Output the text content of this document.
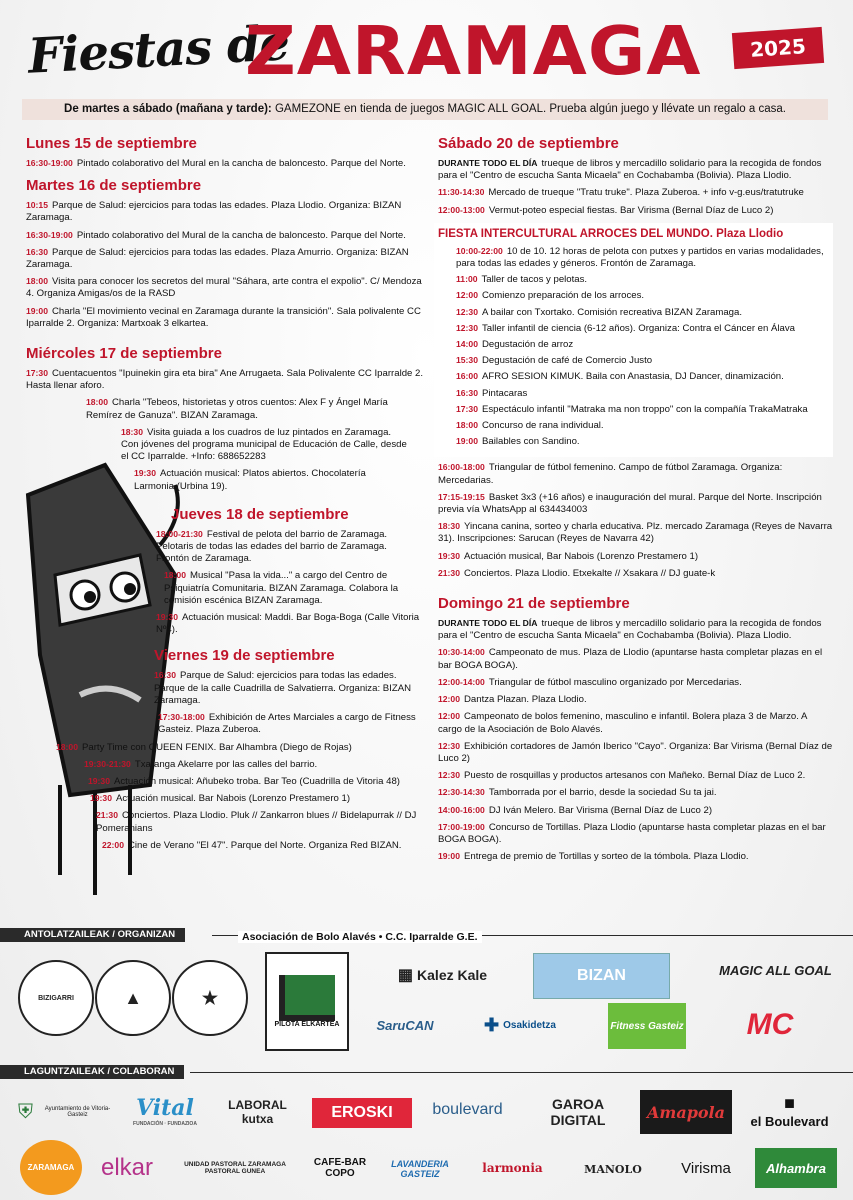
Fiestas de
ZARAMAGA	2025
De martes a sábado (mañana y tarde): GAMEZONE en tienda de juegos MAGIC ALL GOAL. Prueba algún juego y llévate un regalo a casa.
Lunes 15 de septiembre
16:30-19:00 Pintado colaborativo del Mural en la cancha de baloncesto. Parque del Norte.
Martes 16 de septiembre
10:15 Parque de Salud: ejercicios para todas las edades. Plaza Llodio. Organiza: BIZAN Zaramaga.
16:30-19:00 Pintado colaborativo del Mural de la cancha de baloncesto. Parque del Norte.
16:30 Parque de Salud: ejercicios para todas las edades. Plaza Amurrio. Organiza: BIZAN Zaramaga.
18:00 Visita para conocer los secretos del mural "Sáhara, arte contra el expolio". C/ Mendoza 4. Organiza Amigas/os de la RASD
19:00 Charla "El movimiento vecinal en Zaramaga durante la transición". Sala polivalente CC Iparralde 2. Organiza: Martxoak 3 elkartea.
Miércoles 17 de septiembre
17:30 Cuentacuentos "Ipuinekin gira eta bira" Ane Arrugaeta. Sala Polivalente CC Iparralde 2. Hasta llenar aforo.
18:00 Charla "Tebeos, historietas y otros cuentos: Alex F y Ángel María Remírez de Ganuza". BIZAN Zaramaga.
18:30 Visita guiada a los cuadros de luz pintados en Zaramaga. Con jóvenes del programa municipal de Educación de Calle, desde el CC Iparralde. +Info: 688652283
19:30 Actuación musical: Platos abiertos. Chocolatería Larmonia (Urbina 19).
Jueves 18 de septiembre
18:00-21:30 Festival de pelota del barrio de Zaramaga. Pelotaris de todas las edades del barrio de Zaramaga. Frontón de Zaramaga.
18:00 Musical "Pasa la vida..." a cargo del Centro de Psiquiatría Comunitaria. BIZAN Zaramaga. Colabora la comisión escénica BIZAN Zaramaga.
19:30 Actuación musical: Maddi. Bar Boga-Boga (Calle Vitoria Nº4).
Viernes 19 de septiembre
16:30 Parque de Salud: ejercicios para todas las edades. Parque de la calle Cuadrilla de Salvatierra. Organiza: BIZAN Zaramaga.
17:30-18:00 Exhibición de Artes Marciales a cargo de Fitness Gasteiz. Plaza Zuberoa.
18:00 Party Time con QUEEN FENIX. Bar Alhambra (Diego de Rojas)
19:30-21:30 Txaranga Akelarre por las calles del barrio.
19:30 Actuación musical: Añubeko troba. Bar Teo (Cuadrilla de Vitoria 48)
19:30 Actuación musical. Bar Nabois (Lorenzo Prestamero 1)
21:30 Conciertos. Plaza Llodio. Pluk // Zankarron blues // Bidelapurrak // DJ Pomeranians
22:00 Cine de Verano "El 47". Parque del Norte. Organiza Red BIZAN.
Sábado 20 de septiembre
DURANTE TODO EL DÍA trueque de libros y mercadillo solidario para la recogida de fondos para el "Centro de escucha Santa Micaela" en Cochabamba (Bolivia). Plaza Llodio.
11:30-14:30 Mercado de trueque "Tratu truke". Plaza Zuberoa. + info v-g.eus/tratutruke
12:00-13:00 Vermut-poteo especial fiestas. Bar Virisma (Bernal Díaz de Luco 2)
FIESTA INTERCULTURAL ARROCES DEL MUNDO. Plaza Llodio
10:00-22:00 10 de 10. 12 horas de pelota con putxes y partidos en varias modalidades, para todas las edades y géneros. Frontón de Zaramaga.
11:00 Taller de tacos y pelotas.
12:00 Comienzo preparación de los arroces.
12:30 A bailar con Txortako. Comisión recreativa BIZAN Zaramaga.
12:30 Taller infantil de ciencia (6-12 años). Organiza: Contra el Cáncer en Álava
14:00 Degustación de arroz
15:30 Degustación de café de Comercio Justo
16:00 AFRO SESION KIMUK. Baila con Anastasia, DJ Dancer, dinamización.
16:30 Pintacaras
17:30 Espectáculo infantil "Matraka ma non troppo" con la compañía TrakaMatraka
18:00 Concurso de rana individual.
19:00 Bailables con Sandino.
16:00-18:00 Triangular de fútbol femenino. Campo de fútbol Zaramaga. Organiza: Mercedarias.
17:15-19:15 Basket 3x3 (+16 años) e inauguración del mural. Parque del Norte. Inscripción previa vía WhatsApp al 634434003
18:30 Yincana canina, sorteo y charla educativa. Plz. mercado Zaramaga (Reyes de Navarra 31). Inscripciones: Sarucan (Reyes de Navarra 42)
19:30 Actuación musical, Bar Nabois (Lorenzo Prestamero 1)
21:30 Conciertos. Plaza Llodio. Etxekalte // Xsakara // DJ guate-k
Domingo 21 de septiembre
DURANTE TODO EL DÍA trueque de libros y mercadillo solidario para la recogida de fondos para el "Centro de escucha Santa Micaela" en Cochabamba (Bolivia). Plaza Llodio.
10:30-14:00 Campeonato de mus. Plaza de Llodio (apuntarse hasta completar plazas en el bar BOGA BOGA).
12:00-14:00 Triangular de fútbol masculino organizado por Mercedarias.
12:00 Dantza Plazan. Plaza Llodio.
12:00 Campeonato de bolos femenino, masculino e infantil. Bolera plaza 3 de Marzo. A cargo de la Asociación de Bolo Alavés.
12:30 Exhibición cortadores de Jamón Iberico "Cayo". Organiza: Bar Virisma (Bernal Díaz de Luco 2)
12:30 Puesto de rosquillas y productos artesanos con Mañeko. Bernal Díaz de Luco 2.
12:30-14:30 Tamborrada por el barrio, desde la sociedad Su ta jai.
14:00-16:00 DJ Iván Melero. Bar Virisma (Bernal Díaz de Luco 2)
17:00-19:00 Concurso de Tortillas. Plaza Llodio (apuntarse hasta completar plazas en el bar BOGA BOGA).
19:00 Entrega de premio de Tortillas y sorteo de la tómbola. Plaza Llodio.
ANTOLATZAILEAK / ORGANIZAN	Asociación de Bolo Alavés • C.C. Iparralde G.E.
BIZIGARRI	▲	★
PILOTA ELKARTEA
▦ Kalez Kale	BIZAN	MAGIC ALL GOAL
SaruCAN	✚ Osakidetza	Fitness Gasteiz MC
LAGUNTZAILEAK / COLABORAN
⛨	Ayuntamiento de Vitoria-Gasteiz	Vital
FUNDACIÓN · FUNDAZIOA
LABORAL kutxa	EROSKI boulevard	GAROA DIGITAL	Amapola	■
el Boulevard
ZARAMAGA elkar	UNIDAD PASTORAL ZARAMAGA PASTORAL GUNEA
CAFE-BAR COPO
LAVANDERIA GASTEIZ	larmonia	MANOLO	Virisma	Alhambra
